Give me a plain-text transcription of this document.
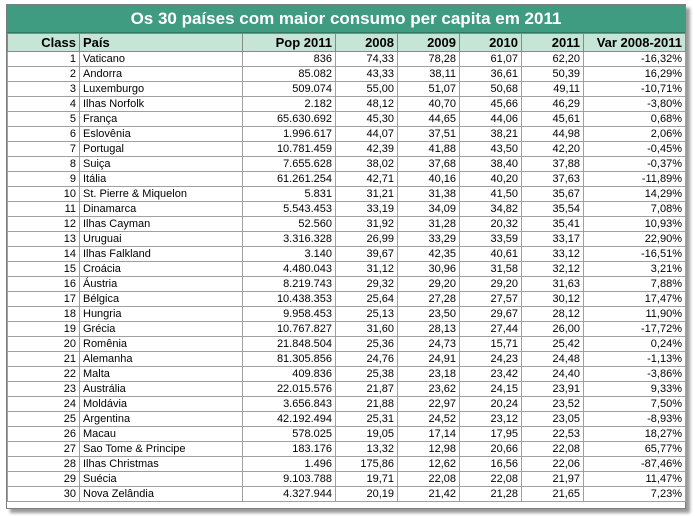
Os 30 países com maior consumo per capita em 2011
Class	País	Pop 2011	2008	2009	2010	2011	Var 2008-2011
1	Vaticano	836	74,33	78,28	61,07	62,20	-16,32%
2	Andorra	85.082	43,33	38,11	36,61	50,39	16,29%
3	Luxemburgo	509.074	55,00	51,07	50,68	49,11	-10,71%
4	Ilhas Norfolk	2.182	48,12	40,70	45,66	46,29	-3,80%
5	França	65.630.692	45,30	44,65	44,06	45,61	0,68%
6	Eslovênia	1.996.617	44,07	37,51	38,21	44,98	2,06%
7	Portugal	10.781.459	42,39	41,88	43,50	42,20	-0,45%
8	Suiça	7.655.628	38,02	37,68	38,40	37,88	-0,37%
9	Itália	61.261.254	42,71	40,16	40,20	37,63	-11,89%
10	St. Pierre & Miquelon	5.831	31,21	31,38	41,50	35,67	14,29%
11	Dinamarca	5.543.453	33,19	34,09	34,82	35,54	7,08%
12	Ilhas Cayman	52.560	31,92	31,28	20,32	35,41	10,93%
13	Uruguai	3.316.328	26,99	33,29	33,59	33,17	22,90%
14	Ilhas Falkland	3.140	39,67	42,35	40,61	33,12	-16,51%
15	Croácia	4.480.043	31,12	30,96	31,58	32,12	3,21%
16	Áustria	8.219.743	29,32	29,20	29,20	31,63	7,88%
17	Bélgica	10.438.353	25,64	27,28	27,57	30,12	17,47%
18	Hungria	9.958.453	25,13	23,50	29,67	28,12	11,90%
19	Grécia	10.767.827	31,60	28,13	27,44	26,00	-17,72%
20	Romênia	21.848.504	25,36	24,73	15,71	25,42	0,24%
21	Alemanha	81.305.856	24,76	24,91	24,23	24,48	-1,13%
22	Malta	409.836	25,38	23,18	23,42	24,40	-3,86%
23	Austrália	22.015.576	21,87	23,62	24,15	23,91	9,33%
24	Moldávia	3.656.843	21,88	22,97	20,24	23,52	7,50%
25	Argentina	42.192.494	25,31	24,52	23,12	23,05	-8,93%
26	Macau	578.025	19,05	17,14	17,95	22,53	18,27%
27	Sao Tome & Principe	183.176	13,32	12,98	20,66	22,08	65,77%
28	Ilhas Christmas	1.496	175,86	12,62	16,56	22,06	-87,46%
29	Suécia	9.103.788	19,71	22,08	22,08	21,97	11,47%
30	Nova Zelândia	4.327.944	20,19	21,42	21,28	21,65	7,23%
